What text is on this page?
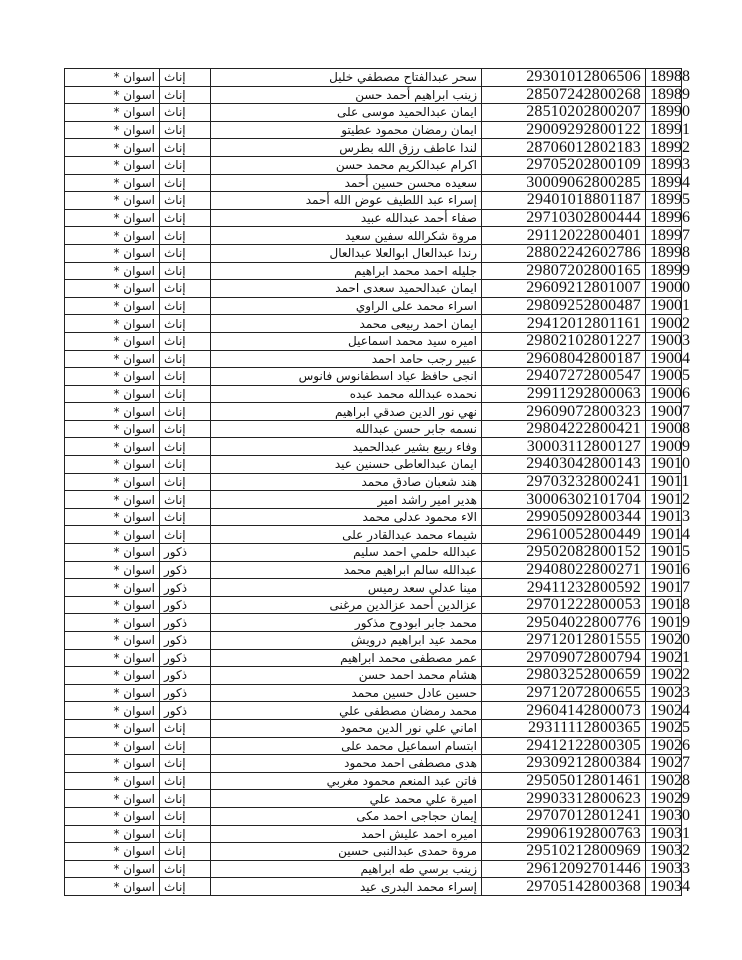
اسوان *	إناث	سحر عبدالفتاح مصطفي خليل	29301012806506	18988
اسوان *	إناث	زينب ابراهيم أحمد حسن	28507242800268	18989
اسوان *	إناث	ايمان عبدالحميد موسى على	28510202800207	18990
اسوان *	إناث	ايمان رمضان محمود عطيتو	29009292800122	18991
اسوان *	إناث	لندا عاطف رزق الله بطرس	28706012802183	18992
اسوان *	إناث	اكرام عبدالكريم محمد حسن	29705202800109	18993
اسوان *	إناث	سعيده محسن حسين أحمد	30009062800285	18994
اسوان *	إناث	إسراء عبد اللطيف عوض الله أحمد	29401018801187	18995
اسوان *	إناث	صفاء أحمد عبدالله عبيد	29710302800444	18996
اسوان *	إناث	مروة شكرالله سفين سعيد	29112022800401	18997
اسوان *	إناث	رندا عبدالعال ابوالعلا عبدالعال	28802242602786	18998
اسوان *	إناث	جليله احمد محمد ابراهيم	29807202800165	18999
اسوان *	إناث	ايمان عبدالحميد سعدى احمد	29609212801007	19000
اسوان *	إناث	اسراء محمد على الراوي	29809252800487	19001
اسوان *	إناث	ايمان احمد ربيعى محمد	29412012801161	19002
اسوان *	إناث	اميره سيد محمد اسماعيل	29802102801227	19003
اسوان *	إناث	عبير رجب حامد احمد	29608042800187	19004
اسوان *	إناث	انجى حافظ عياد اسطفانوس فانوس	29407272800547	19005
اسوان *	إناث	نحمده عبدالله محمد عبده	29911292800063	19006
اسوان *	إناث	نهي نور الدين صدقي ابراهيم	29609072800323	19007
اسوان *	إناث	نسمه جابر حسن عبدالله	29804222800421	19008
اسوان *	إناث	وفاء ربيع بشير عبدالحميد	30003112800127	19009
اسوان *	إناث	ايمان عبدالعاطى حسنين عيد	29403042800143	19010
اسوان *	إناث	هند شعبان صادق محمد	29703232800241	19011
اسوان *	إناث	هدير امير راشد امير	30006302101704	19012
اسوان *	إناث	الاء محمود عدلى محمد	29905092800344	19013
اسوان *	إناث	شيماء محمد عبدالقادر على	29610052800449	19014
اسوان *	ذكور	عبدالله حلمي احمد سليم	29502082800152	19015
اسوان *	ذكور	عبدالله سالم ابراهيم محمد	29408022800271	19016
اسوان *	ذكور	مينا عدلي سعد رميس	29411232800592	19017
اسوان *	ذكور	عزالدين أحمد عزالدين مرغنى	29701222800053	19018
اسوان *	ذكور	محمد جابر ابودوح مذكور	29504022800776	19019
اسوان *	ذكور	محمد عيد ابراهيم درويش	29712012801555	19020
اسوان *	ذكور	عمر مصطفى محمد ابراهيم	29709072800794	19021
اسوان *	ذكور	هشام محمد احمد حسن	29803252800659	19022
اسوان *	ذكور	حسين عادل حسين محمد	29712072800655	19023
اسوان *	ذكور	محمد رمضان مصطفى علي	29604142800073	19024
اسوان *	إناث	اماني علي نور الدين محمود	29311112800365	19025
اسوان *	إناث	ابتسام اسماعيل محمد على	29412122800305	19026
اسوان *	إناث	هدى مصطفى احمد محمود	29309212800384	19027
اسوان *	إناث	فاتن عبد المنعم محمود مغربي	29505012801461	19028
اسوان *	إناث	اميرة علي محمد علي	29903312800623	19029
اسوان *	إناث	إيمان حجاجى احمد مكى	29707012801241	19030
اسوان *	إناث	اميره احمد عليش احمد	29906192800763	19031
اسوان *	إناث	مروة حمدى عبدالنبى حسين	29510212800969	19032
اسوان *	إناث	زينب برسي طه ابراهيم	29612092701446	19033
اسوان *	إناث	إسراء محمد البدرى عيد	29705142800368	19034
